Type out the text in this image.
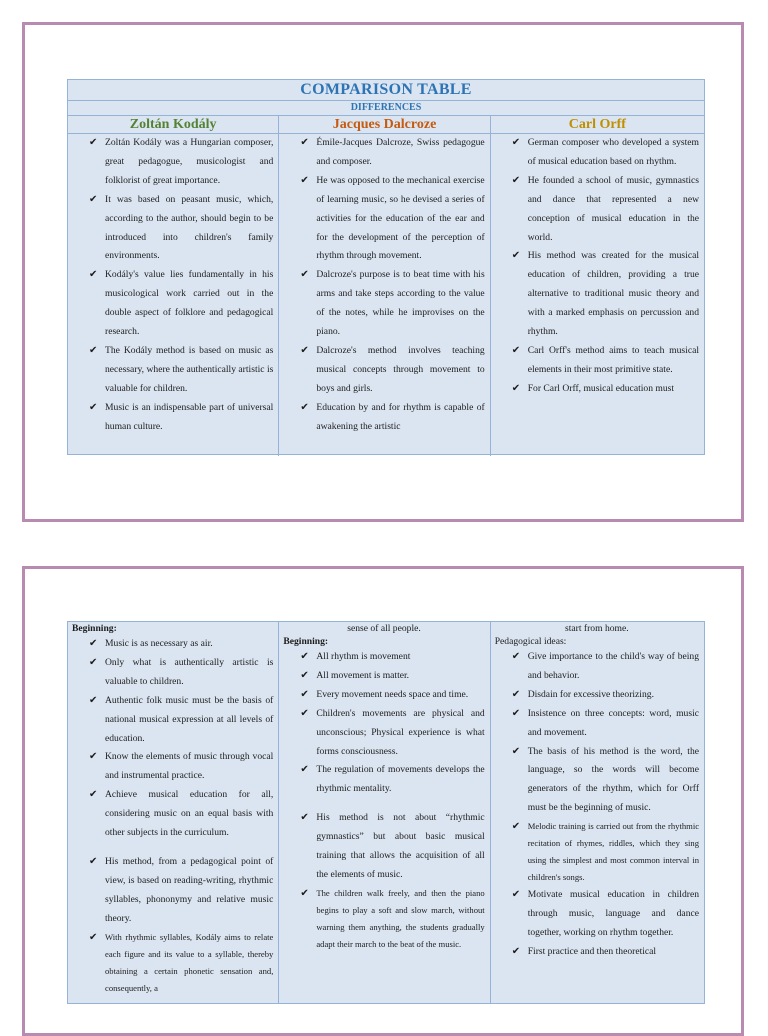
COMPARISON TABLE
DIFFERENCES
Zoltán Kodály	Jacques Dalcroze	Carl Orff
✔ Zoltán Kodály was a Hungarian composer, great pedagogue, musicologist and folklorist of great importance.
✔ It was based on peasant music, which, according to the author, should begin to be introduced into children's family environments.
✔ Kodály's value lies fundamentally in his musicological work carried out in the double aspect of folklore and pedagogical research.
✔ The Kodály method is based on music as necessary, where the authentically artistic is valuable for children.
✔ Music is an indispensable part of universal human culture.
✔ Émile-Jacques Dalcroze, Swiss pedagogue and composer.
✔ He was opposed to the mechanical exercise of learning music, so he devised a series of activities for the education of the ear and for the development of the perception of rhythm through movement.
✔ Dalcroze's purpose is to beat time with his arms and take steps according to the value of the notes, while he improvises on the piano.
✔ Dalcroze's method involves teaching musical concepts through movement to boys and girls.
✔ Education by and for rhythm is capable of awakening the artistic
✔ German composer who developed a system of musical education based on rhythm.
✔ He founded a school of music, gymnastics and dance that represented a new conception of musical education in the world.
✔ His method was created for the musical education of children, providing a true alternative to traditional music theory and with a marked emphasis on percussion and rhythm.
✔ Carl Orff's method aims to teach musical elements in their most primitive state.
✔ For Carl Orff, musical education must
Beginning:
✔ Music is as necessary as air.
✔ Only what is authentically artistic is valuable to children.
✔ Authentic folk music must be the basis of national musical expression at all levels of education.
✔ Know the elements of music through vocal and instrumental practice.
✔ Achieve musical education for all, considering music on an equal basis with other subjects in the curriculum.
✔ His method, from a pedagogical point of view, is based on reading-writing, rhythmic syllables, phononymy and relative music theory.
✔ With rhythmic syllables, Kodály aims to relate each figure and its value to a syllable, thereby obtaining a certain phonetic sensation and, consequently, a
sense of all people.
Beginning:
✔ All rhythm is movement
✔ All movement is matter.
✔ Every movement needs space and time.
✔ Children's movements are physical and unconscious; Physical experience is what forms consciousness.
✔ The regulation of movements develops the rhythmic mentality.
✔ His method is not about “rhythmic gymnastics” but about basic musical training that allows the acquisition of all the elements of music.
✔ The children walk freely, and then the piano begins to play a soft and slow march, without warning them anything, the students gradually adapt their march to the beat of the music.
start from home.
Pedagogical ideas:
✔ Give importance to the child's way of being and behavior.
✔ Disdain for excessive theorizing.
✔ Insistence on three concepts: word, music and movement.
✔ The basis of his method is the word, the language, so the words will become generators of the rhythm, which for Orff must be the beginning of music.
✔ Melodic training is carried out from the rhythmic recitation of rhymes, riddles, which they sing using the simplest and most common interval in children's songs.
✔ Motivate musical education in children through music, language and dance together, working on rhythm together.
✔ First practice and then theoretical
